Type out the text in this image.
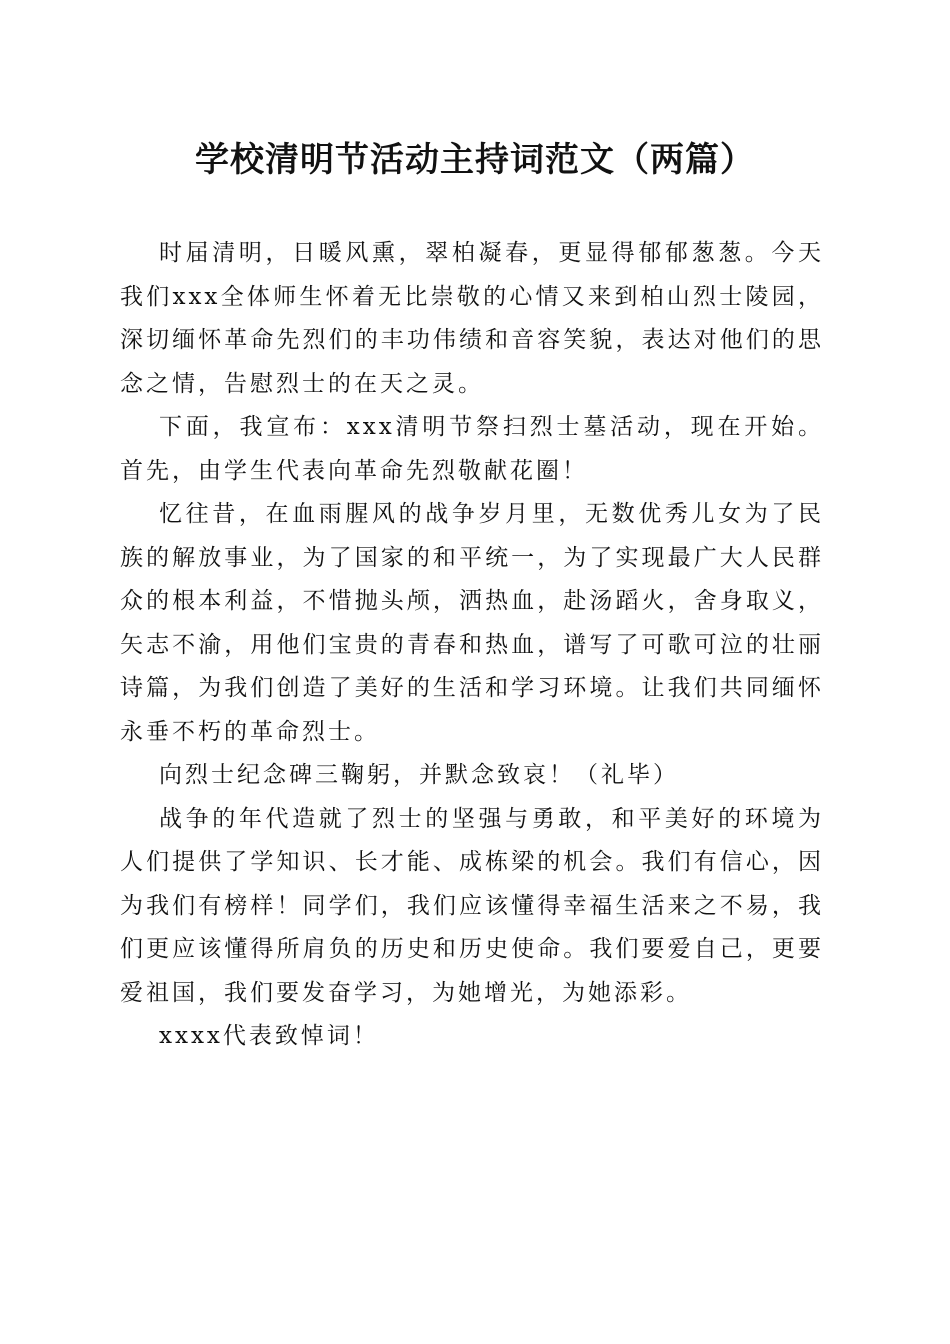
学校清明节活动主持词范文（两篇）

时届清明，日暖风熏，翠柏凝春，更显得郁郁葱葱。今天我们xxx全体师生怀着无比崇敬的心情又来到柏山烈士陵园，深切缅怀革命先烈们的丰功伟绩和音容笑貌，表达对他们的思念之情，告慰烈士的在天之灵。

下面，我宣布：xxx清明节祭扫烈士墓活动，现在开始。首先，由学生代表向革命先烈敬献花圈！

忆往昔，在血雨腥风的战争岁月里，无数优秀儿女为了民族的解放事业，为了国家的和平统一，为了实现最广大人民群众的根本利益，不惜抛头颅，洒热血，赴汤蹈火，舍身取义，矢志不渝，用他们宝贵的青春和热血，谱写了可歌可泣的壮丽诗篇，为我们创造了美好的生活和学习环境。让我们共同缅怀永垂不朽的革命烈士。

向烈士纪念碑三鞠躬，并默念致哀！（礼毕）

战争的年代造就了烈士的坚强与勇敢，和平美好的环境为人们提供了学知识、长才能、成栋梁的机会。我们有信心，因为我们有榜样！同学们，我们应该懂得幸福生活来之不易，我们更应该懂得所肩负的历史和历史使命。我们要爱自己，更要爱祖国，我们要发奋学习，为她增光，为她添彩。

xxxx代表致悼词！
